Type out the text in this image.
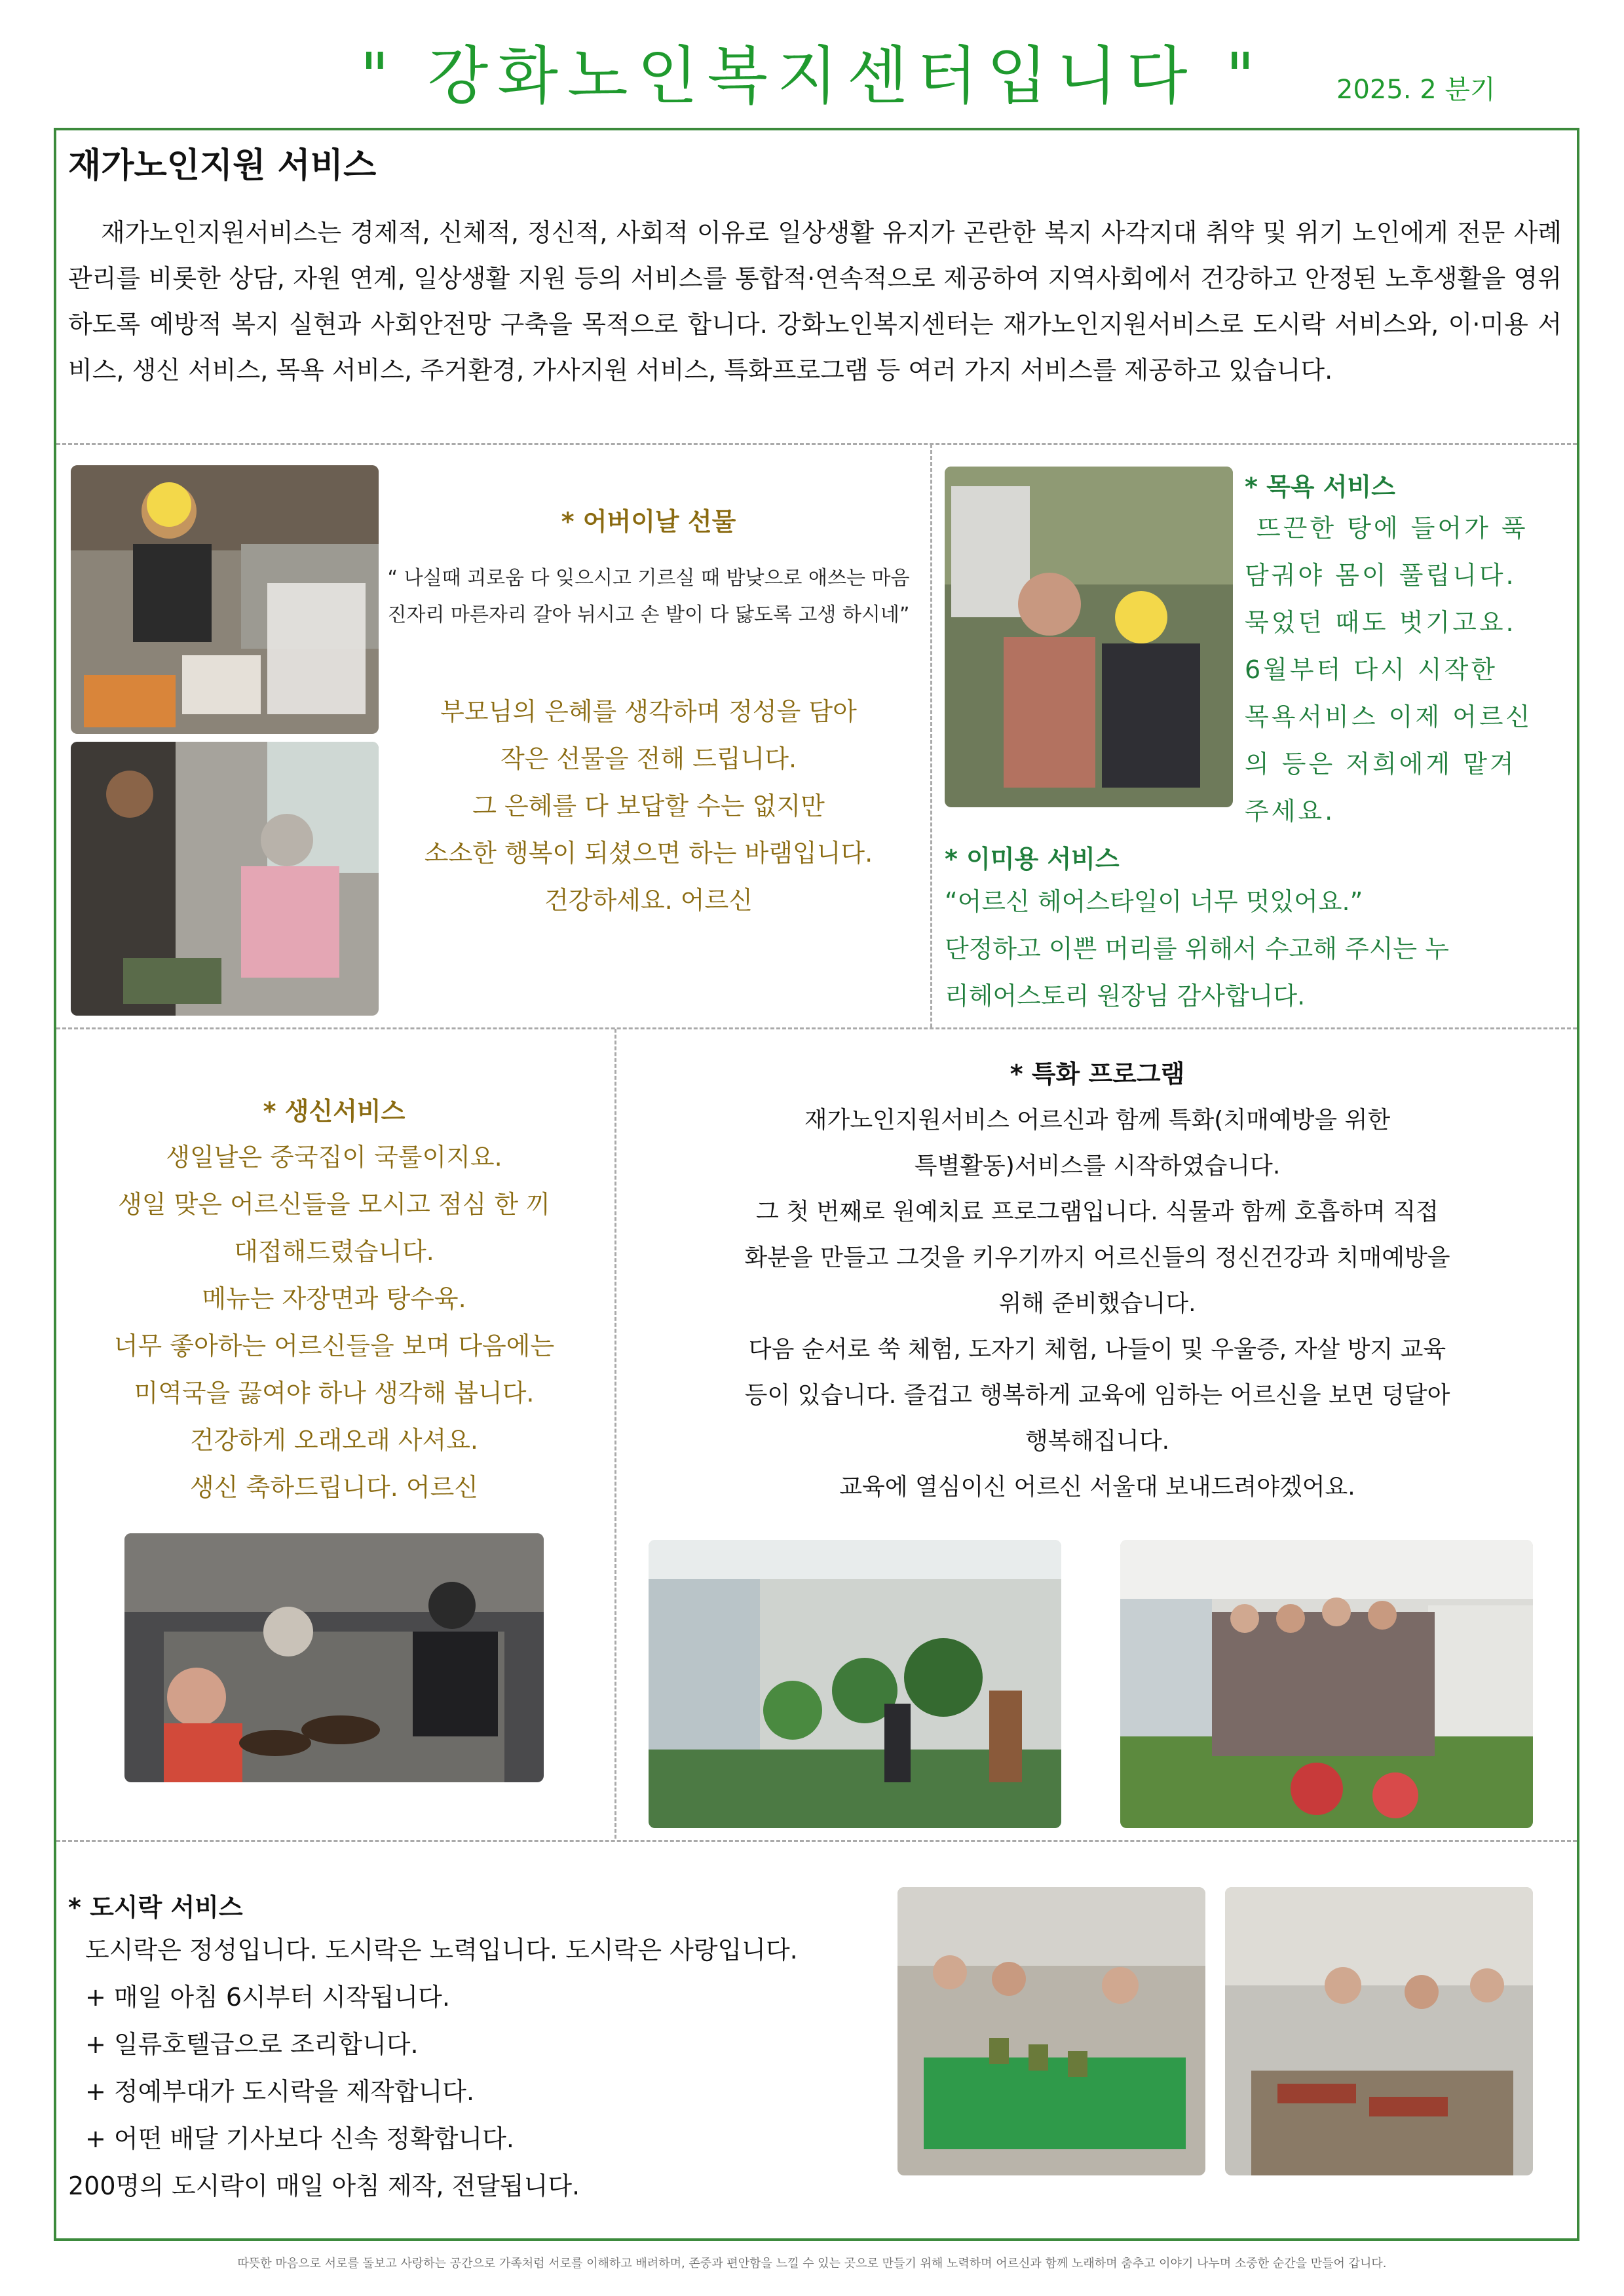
" 강화노인복지센터입니다 "	2025. 2 분기
재가노인지원 서비스
재가노인지원서비스는 경제적, 신체적, 정신적, 사회적 이유로 일상생활 유지가 곤란한 복지 사각지대 취약 및 위기 노인에게 전문 사례관리를 비롯한 상담, 자원 연계, 일상생활 지원 등의 서비스를 통합적·연속적으로 제공하여 지역사회에서 건강하고 안정된 노후생활을 영위하도록 예방적 복지 실현과 사회안전망 구축을 목적으로 합니다. 강화노인복지센터는 재가노인지원서비스로 도시락 서비스와, 이·미용 서비스, 생신 서비스, 목욕 서비스, 주거환경, 가사지원 서비스, 특화프로그램 등 여러 가지 서비스를 제공하고 있습니다.
* 어버이날 선물
“ 나실때 괴로움 다 잊으시고 기르실 때 밤낮으로 애쓰는 마음 진자리 마른자리 갈아 뉘시고 손 발이 다 닳도록 고생 하시네”
부모님의 은혜를 생각하며 정성을 담아
작은 선물을 전해 드립니다.
그 은혜를 다 보답할 수는 없지만
소소한 행복이 되셨으면 하는 바램입니다.
건강하세요. 어르신
* 목욕 서비스
뜨끈한 탕에 들어가 푹
담궈야 몸이 풀립니다.
묵었던 때도 벗기고요.
6월부터 다시 시작한
목욕서비스 이제 어르신
의 등은 저희에게 맡겨
주세요.
* 이미용 서비스
“어르신 헤어스타일이 너무 멋있어요.”
단정하고 이쁜 머리를 위해서 수고해 주시는 누
리헤어스토리 원장님 감사합니다.
* 생신서비스
생일날은 중국집이 국룰이지요.
생일 맞은 어르신들을 모시고 점심 한 끼
대접해드렸습니다.
메뉴는 자장면과 탕수육.
너무 좋아하는 어르신들을 보며 다음에는
미역국을 끓여야 하나 생각해 봅니다.
건강하게 오래오래 사셔요.
생신 축하드립니다. 어르신
* 특화 프로그램
재가노인지원서비스 어르신과 함께 특화(치매예방을 위한
특별활동)서비스를 시작하였습니다.
그 첫 번째로 원예치료 프로그램입니다. 식물과 함께 호흡하며 직접
화분을 만들고 그것을 키우기까지 어르신들의 정신건강과 치매예방을
위해 준비했습니다.
다음 순서로 쑥 체험, 도자기 체험, 나들이 및 우울증, 자살 방지 교육
등이 있습니다. 즐겁고 행복하게 교육에 임하는 어르신을 보면 덩달아
행복해집니다.
교육에 열심이신 어르신 서울대 보내드려야겠어요.
* 도시락 서비스
도시락은 정성입니다. 도시락은 노력입니다. 도시락은 사랑입니다.
+ 매일 아침 6시부터 시작됩니다.
+ 일류호텔급으로 조리합니다.
+ 정예부대가 도시락을 제작합니다.
+ 어떤 배달 기사보다 신속 정확합니다.
200명의 도시락이 매일 아침 제작, 전달됩니다.
따뜻한 마음으로 서로를 돌보고 사랑하는 공간으로 가족처럼 서로를 이해하고 배려하며, 존중과 편안함을 느낄 수 있는 곳으로 만들기 위해 노력하며 어르신과 함께 노래하며 춤추고 이야기 나누며 소중한 순간을 만들어 갑니다.
